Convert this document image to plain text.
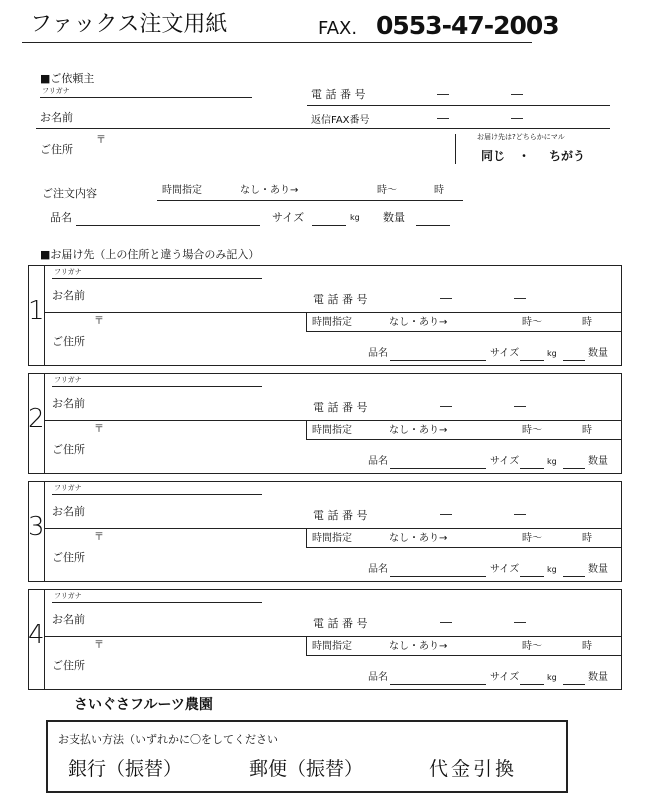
ファックス注文用紙	FAX. 0553-47-2003
■ご依頼主
フリガナ
お名前
ご住所
〒
電 話 番 号	―	―
返信FAX番号	―	―
お届け先は?どちらかにマル
同じ ・ ちがう
ご注文内容	時間指定	なし・あり→	時〜	時
品名	サイズ	kg 数量
■お届け先（上の住所と違う場合のみ記入）
1
フリガナ
お名前	電 話 番 号	―	―
〒	時間指定	なし・あり→	時〜	時
ご住所
品名	サイズ	kg	数量
2
フリガナ
お名前	電 話 番 号	―	―
〒	時間指定	なし・あり→	時〜	時
ご住所
品名	サイズ	kg	数量
3
フリガナ
お名前	電 話 番 号	―	―
〒	時間指定	なし・あり→	時〜	時
ご住所
品名	サイズ	kg	数量
4
フリガナ
お名前	電 話 番 号	―	―
〒	時間指定	なし・あり→	時〜	時
ご住所
品名	サイズ	kg	数量
さいぐさフルーツ農園
お支払い方法（いずれかに〇をしてください
銀行（振替）	郵便（振替）	代金引換
